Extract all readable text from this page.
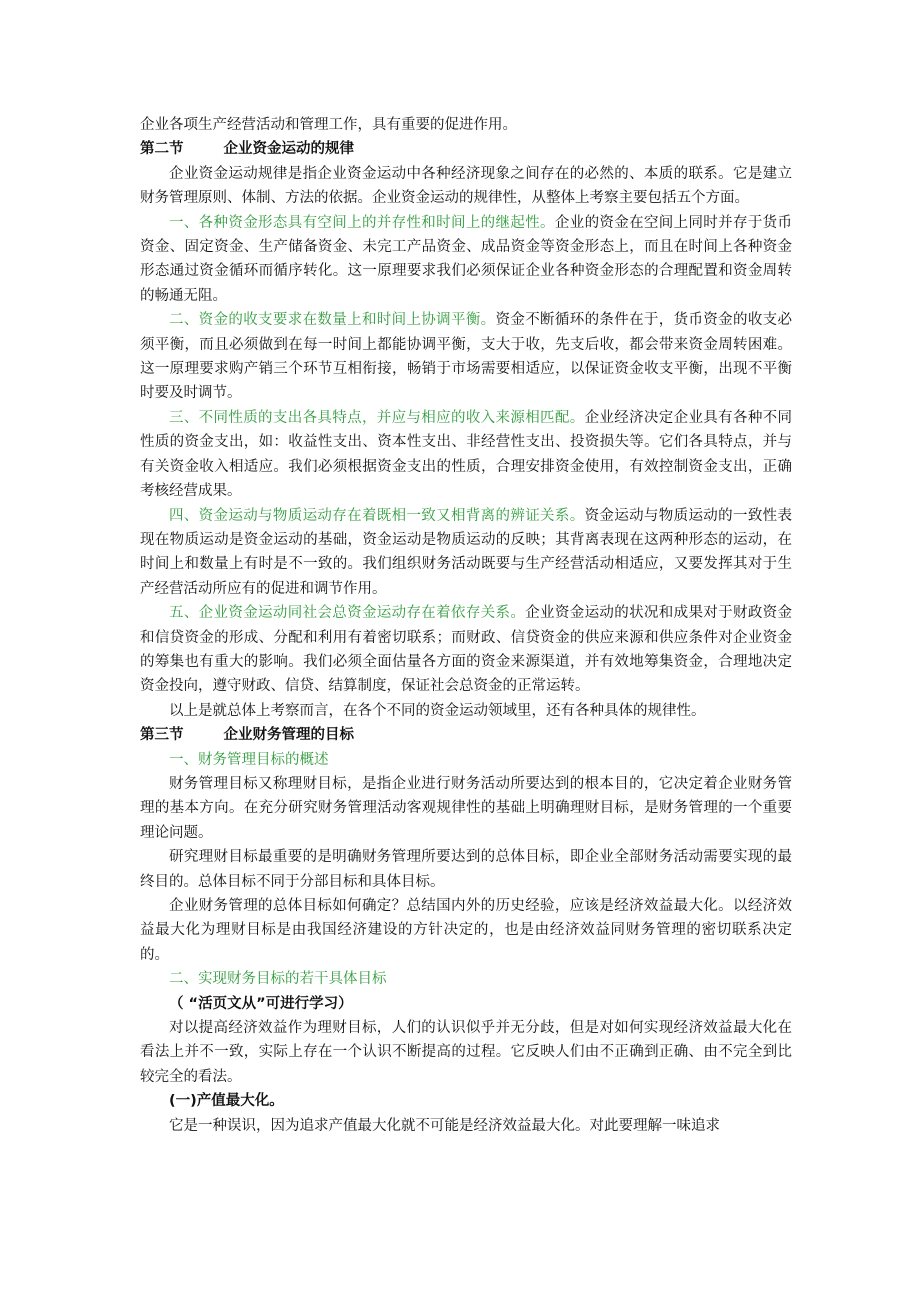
企业各项生产经营活动和管理工作，具有重要的促进作用。

第二节	企业资金运动的规律

企业资金运动规律是指企业资金运动中各种经济现象之间存在的必然的、本质的联系。它是建立财务管理原则、体制、方法的依据。企业资金运动的规律性，从整体上考察主要包括五个方面。

一、各种资金形态具有空间上的并存性和时间上的继起性。企业的资金在空间上同时并存于货币资金、固定资金、生产储备资金、未完工产品资金、成品资金等资金形态上，而且在时间上各种资金形态通过资金循环而循序转化。这一原理要求我们必须保证企业各种资金形态的合理配置和资金周转的畅通无阻。

二、资金的收支要求在数量上和时间上协调平衡。资金不断循环的条件在于，货币资金的收支必须平衡，而且必须做到在每一时间上都能协调平衡，支大于收，先支后收，都会带来资金周转困难。这一原理要求购产销三个环节互相衔接，畅销于市场需要相适应，以保证资金收支平衡，出现不平衡时要及时调节。

三、不同性质的支出各具特点，并应与相应的收入来源相匹配。企业经济决定企业具有各种不同性质的资金支出，如：收益性支出、资本性支出、非经营性支出、投资损失等。它们各具特点，并与有关资金收入相适应。我们必须根据资金支出的性质，合理安排资金使用，有效控制资金支出，正确考核经营成果。

四、资金运动与物质运动存在着既相一致又相背离的辨证关系。资金运动与物质运动的一致性表现在物质运动是资金运动的基础，资金运动是物质运动的反映；其背离表现在这两种形态的运动，在时间上和数量上有时是不一致的。我们组织财务活动既要与生产经营活动相适应，又要发挥其对于生产经营活动所应有的促进和调节作用。

五、企业资金运动同社会总资金运动存在着依存关系。企业资金运动的状况和成果对于财政资金和信贷资金的形成、分配和利用有着密切联系；而财政、信贷资金的供应来源和供应条件对企业资金的筹集也有重大的影响。我们必须全面估量各方面的资金来源渠道，并有效地筹集资金，合理地决定资金投向，遵守财政、信贷、结算制度，保证社会总资金的正常运转。

以上是就总体上考察而言，在各个不同的资金运动领域里，还有各种具体的规律性。

第三节	企业财务管理的目标

一、财务管理目标的概述

财务管理目标又称理财目标，是指企业进行财务活动所要达到的根本目的，它决定着企业财务管理的基本方向。在充分研究财务管理活动客观规律性的基础上明确理财目标，是财务管理的一个重要理论问题。

研究理财目标最重要的是明确财务管理所要达到的总体目标，即企业全部财务活动需要实现的最终目的。总体目标不同于分部目标和具体目标。

企业财务管理的总体目标如何确定？总结国内外的历史经验，应该是经济效益最大化。以经济效益最大化为理财目标是由我国经济建设的方针决定的，也是由经济效益同财务管理的密切联系决定的。

二、实现财务目标的若干具体目标

（ “活页文从”可进行学习）

对以提高经济效益作为理财目标，人们的认识似乎并无分歧，但是对如何实现经济效益最大化在看法上并不一致，实际上存在一个认识不断提高的过程。它反映人们由不正确到正确、由不完全到比较完全的看法。

(一)产值最大化。

它是一种误识，因为追求产值最大化就不可能是经济效益最大化。对此要理解一味追求
